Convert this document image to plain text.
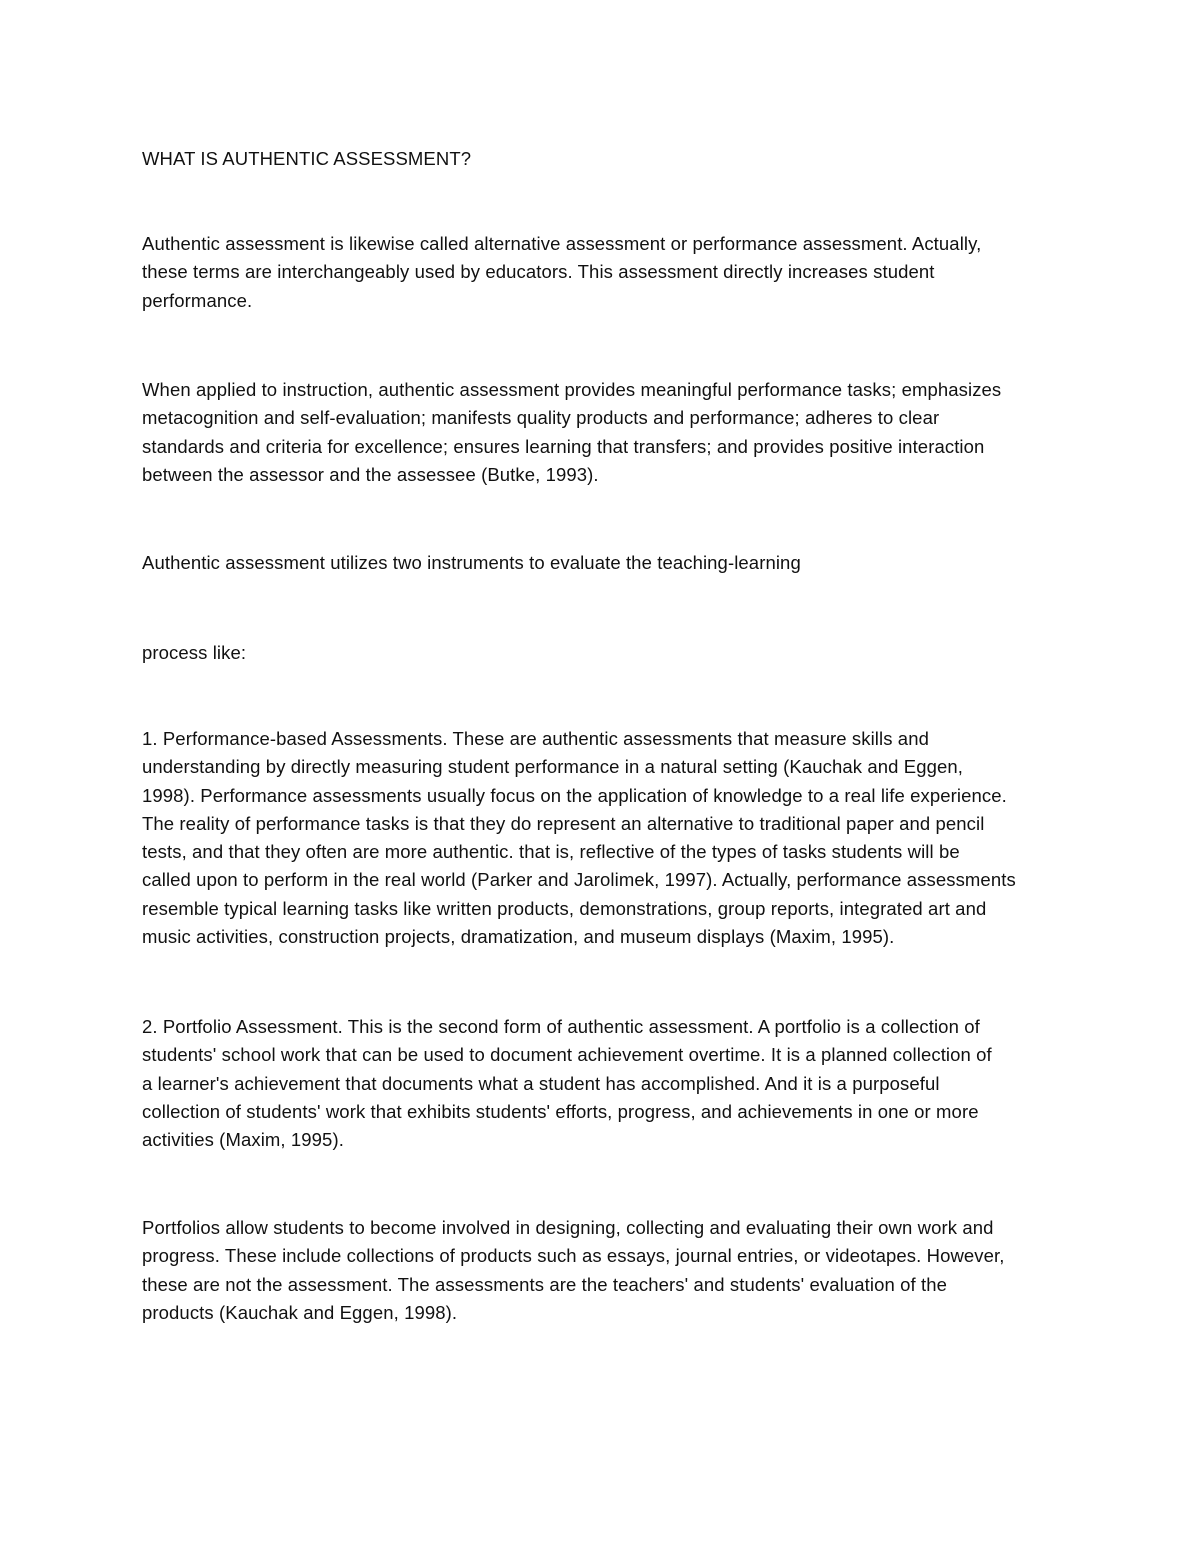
WHAT IS AUTHENTIC ASSESSMENT?

Authentic assessment is likewise called alternative assessment or performance assessment. Actually,
these terms are interchangeably used by educators. This assessment directly increases student
performance.

When applied to instruction, authentic assessment provides meaningful performance tasks; emphasizes
metacognition and self-evaluation; manifests quality products and performance; adheres to clear
standards and criteria for excellence; ensures learning that transfers; and provides positive interaction
between the assessor and the assessee (Butke, 1993).

Authentic assessment utilizes two instruments to evaluate the teaching-learning

process like:

1. Performance-based Assessments. These are authentic assessments that measure skills and
understanding by directly measuring student performance in a natural setting (Kauchak and Eggen,
1998). Performance assessments usually focus on the application of knowledge to a real life experience.
The reality of performance tasks is that they do represent an alternative to traditional paper and pencil
tests, and that they often are more authentic. that is, reflective of the types of tasks students will be
called upon to perform in the real world (Parker and Jarolimek, 1997). Actually, performance assessments
resemble typical learning tasks like written products, demonstrations, group reports, integrated art and
music activities, construction projects, dramatization, and museum displays (Maxim, 1995).

2. Portfolio Assessment. This is the second form of authentic assessment. A portfolio is a collection of
students' school work that can be used to document achievement overtime. It is a planned collection of
a learner's achievement that documents what a student has accomplished. And it is a purposeful
collection of students' work that exhibits students' efforts, progress, and achievements in one or more
activities (Maxim, 1995).

Portfolios allow students to become involved in designing, collecting and evaluating their own work and
progress. These include collections of products such as essays, journal entries, or videotapes. However,
these are not the assessment. The assessments are the teachers' and students' evaluation of the
products (Kauchak and Eggen, 1998).
